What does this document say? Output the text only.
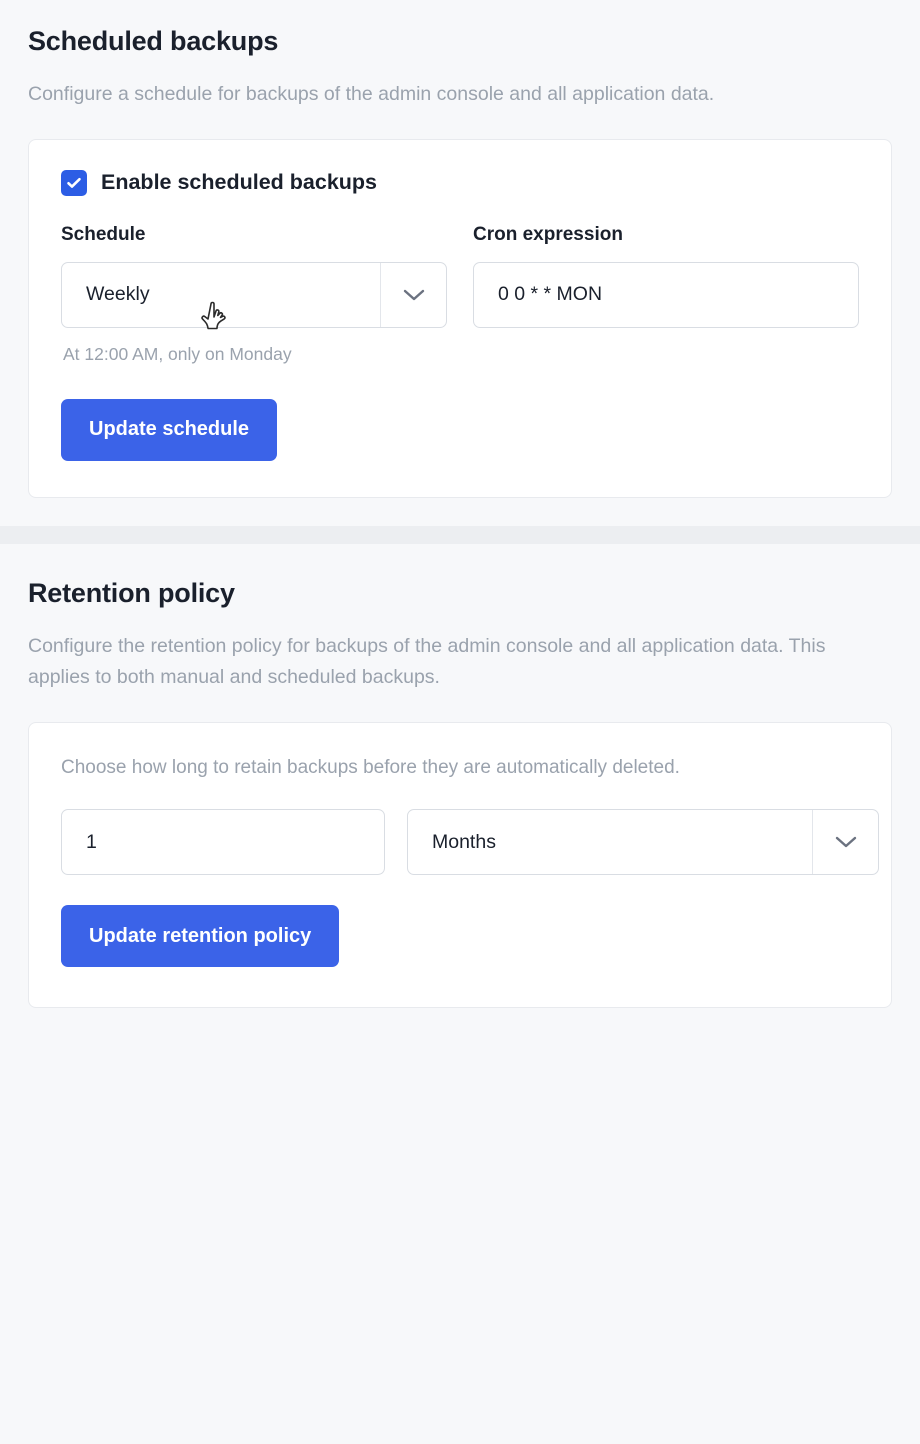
Scheduled backups

Configure a schedule for backups of the admin console and all application data.

Enable scheduled backups
Schedule
Weekly
At 12:00 AM, only on Monday
Cron expression
0 0 * * MON
Update schedule
Retention policy

Configure the retention policy for backups of the admin console and all application data. This applies to both manual and scheduled backups.

Choose how long to retain backups before they are automatically deleted.

1
Months
Update retention policy
